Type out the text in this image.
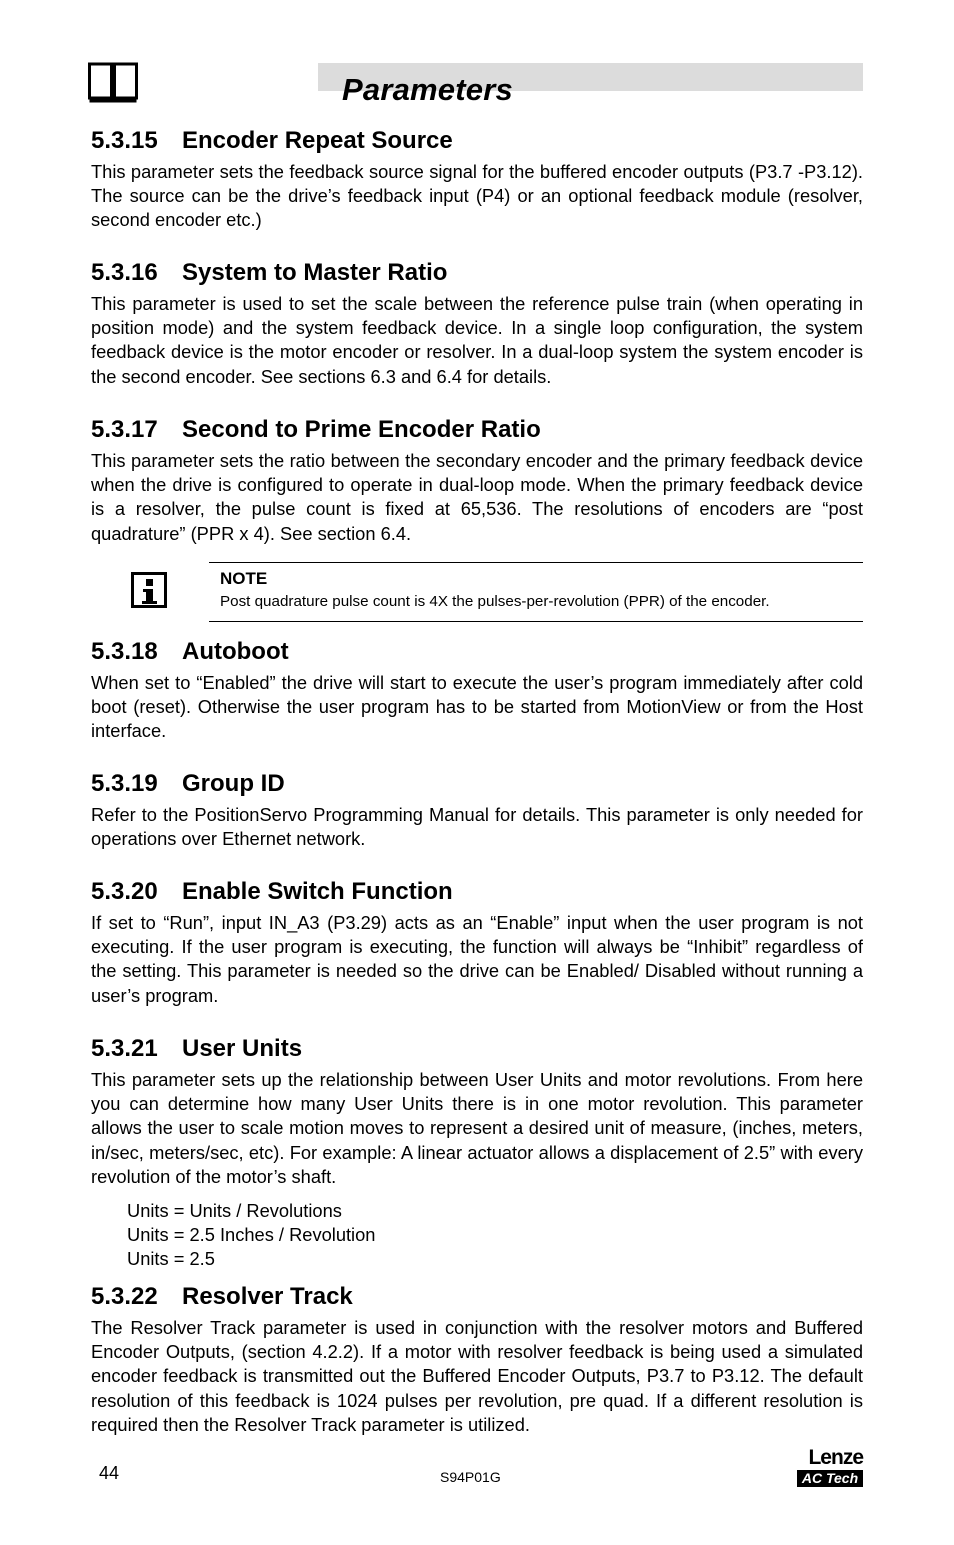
Parameters
5.3.15 Encoder Repeat Source

This parameter sets the feedback source signal for the buffered encoder outputs (P3.7 -P3.12). The source can be the drive’s feedback input (P4) or an optional feedback module (resolver, second encoder etc.)

5.3.16 System to Master Ratio

This parameter is used to set the scale between the reference pulse train (when operating in position mode) and the system feedback device. In a single loop configuration, the system feedback device is the motor encoder or resolver. In a dual-loop system the system encoder is the second encoder. See sections 6.3 and 6.4 for details.

5.3.17 Second to Prime Encoder Ratio

This parameter sets the ratio between the secondary encoder and the primary feedback device when the drive is configured to operate in dual-loop mode. When the primary feedback device is a resolver, the pulse count is fixed at 65,536. The resolutions of encoders are “post quadrature” (PPR x 4). See section 6.4.

NOTE
Post quadrature pulse count is 4X the pulses-per-revolution (PPR) of the encoder.
5.3.18 Autoboot

When set to “Enabled” the drive will start to execute the user’s program immediately after cold boot (reset). Otherwise the user program has to be started from MotionView or from the Host interface.

5.3.19 Group ID

Refer to the PositionServo Programming Manual for details. This parameter is only needed for operations over Ethernet network.

5.3.20 Enable Switch Function

If set to “Run”, input IN_A3 (P3.29) acts as an “Enable” input when the user program is not executing. If the user program is executing, the function will always be “Inhibit” regardless of the setting. This parameter is needed so the drive can be Enabled/ Disabled without running a user’s program.

5.3.21 User Units

This parameter sets up the relationship between User Units and motor revolutions. From here you can determine how many User Units there is in one motor revolution. This parameter allows the user to scale motion moves to represent a desired unit of measure, (inches, meters, in/sec, meters/sec, etc). For example: A linear actuator allows a displacement of 2.5” with every revolution of the motor’s shaft.

Units = Units / Revolutions
Units = 2.5 Inches / Revolution
Units = 2.5
5.3.22 Resolver Track

The Resolver Track parameter is used in conjunction with the resolver motors and Buffered Encoder Outputs, (section 4.2.2). If a motor with resolver feedback is being used a simulated encoder feedback is transmitted out the Buffered Encoder Outputs, P3.7 to P3.12. The default resolution of this feedback is 1024 pulses per revolution, pre quad. If a different resolution is required then the Resolver Track parameter is utilized.

44	S94P01G
Lenze
AC Tech
